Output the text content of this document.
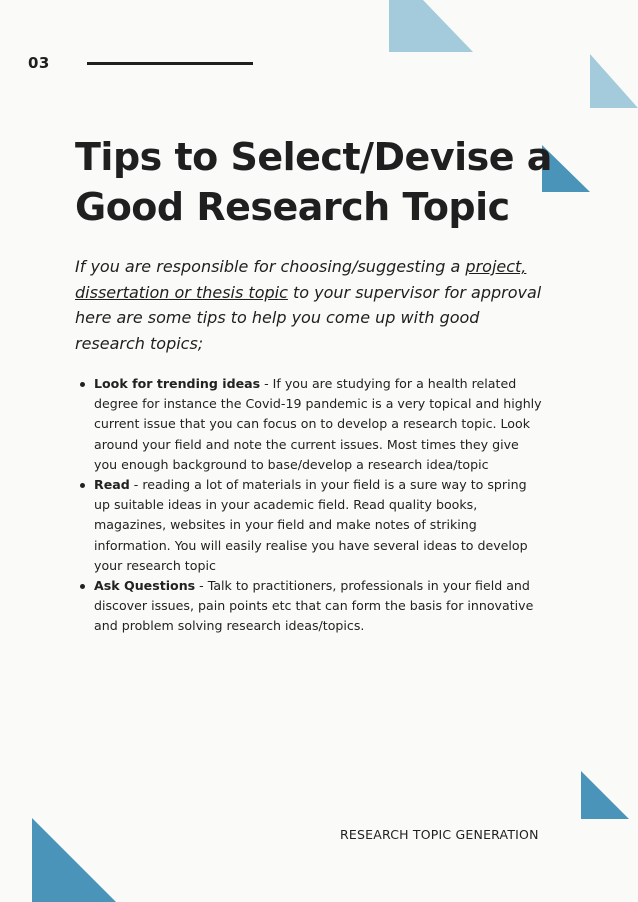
03
Tips to Select/Devise a
Good Research Topic

If you are responsible for choosing/suggesting a project, dissertation or thesis topic to your supervisor for approval here are some tips to help you come up with good research topics;

Look for trending ideas - If you are studying for a health related degree for instance the Covid-19 pandemic is a very topical and highly current issue that you can focus on to develop a research topic. Look around your field and note the current issues. Most times they give you enough background to base/develop a research idea/topic
Read - reading a lot of materials in your field is a sure way to spring up suitable ideas in your academic field. Read quality books, magazines, websites in your field and make notes of striking information. You will easily realise you have several ideas to develop your research topic
Ask Questions - Talk to practitioners, professionals in your field and discover issues, pain points etc that can form the basis for innovative and problem solving research ideas/topics.
RESEARCH TOPIC GENERATION
